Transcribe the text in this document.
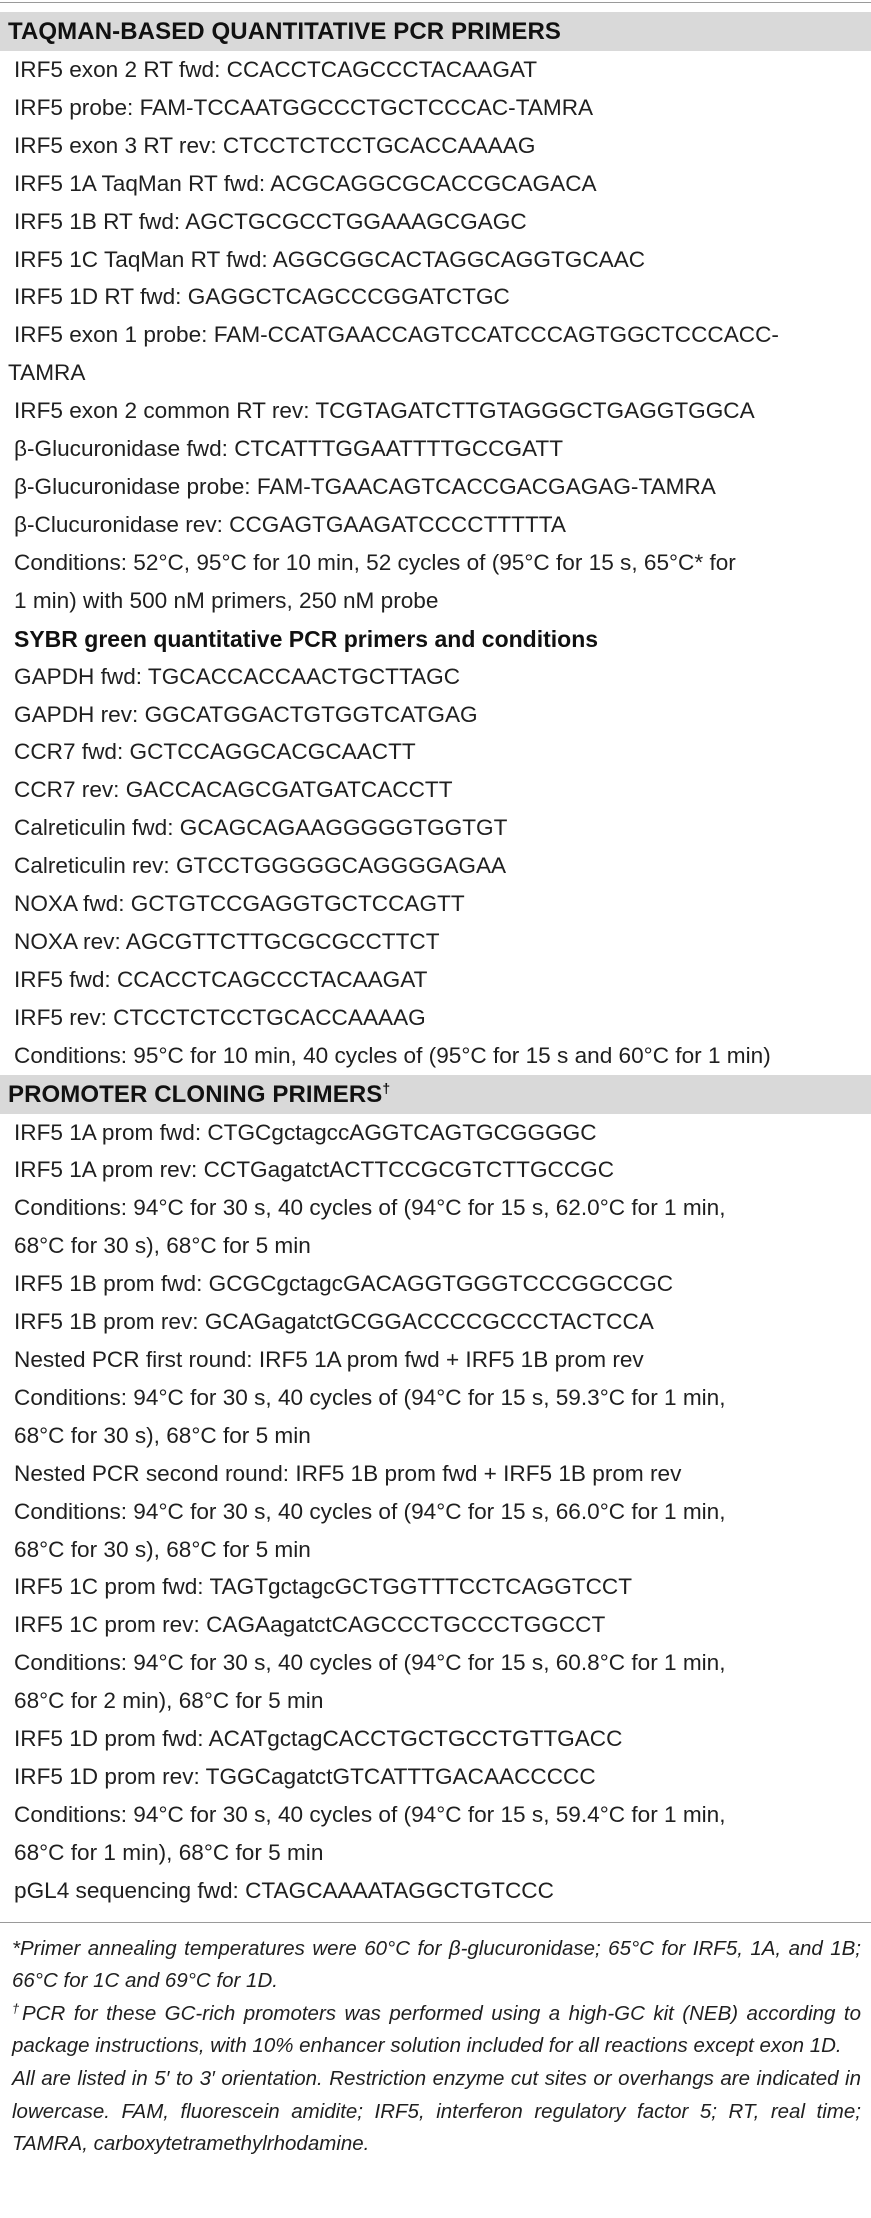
TAQMAN-BASED QUANTITATIVE PCR PRIMERS
IRF5 exon 2 RT fwd: CCACCTCAGCCCTACAAGAT
IRF5 probe: FAM-TCCAATGGCCCTGCTCCCAC-TAMRA
IRF5 exon 3 RT rev: CTCCTCTCCTGCACCAAAAG
IRF5 1A TaqMan RT fwd: ACGCAGGCGCACCGCAGACA
IRF5 1B RT fwd: AGCTGCGCCTGGAAAGCGAGC
IRF5 1C TaqMan RT fwd: AGGCGGCACTAGGCAGGTGCAAC
IRF5 1D RT fwd: GAGGCTCAGCCCGGATCTGC
IRF5 exon 1 probe: FAM-CCATGAACCAGTCCATCCCAGTGGCTCCCACC-
TAMRA
IRF5 exon 2 common RT rev: TCGTAGATCTTGTAGGGCTGAGGTGGCA
β-Glucuronidase fwd: CTCATTTGGAATTTTGCCGATT
β-Glucuronidase probe: FAM-TGAACAGTCACCGACGAGAG-TAMRA
β-Clucuronidase rev: CCGAGTGAAGATCCCCTTTTTA
Conditions: 52°C, 95°C for 10 min, 52 cycles of (95°C for 15 s, 65°C* for
1 min) with 500 nM primers, 250 nM probe
SYBR green quantitative PCR primers and conditions
GAPDH fwd: TGCACCACCAACTGCTTAGC
GAPDH rev: GGCATGGACTGTGGTCATGAG
CCR7 fwd: GCTCCAGGCACGCAACTT
CCR7 rev: GACCACAGCGATGATCACCTT
Calreticulin fwd: GCAGCAGAAGGGGGTGGTGT
Calreticulin rev: GTCCTGGGGGCAGGGGAGAA
NOXA fwd: GCTGTCCGAGGTGCTCCAGTT
NOXA rev: AGCGTTCTTGCGCGCCTTCT
IRF5 fwd: CCACCTCAGCCCTACAAGAT
IRF5 rev: CTCCTCTCCTGCACCAAAAG
Conditions: 95°C for 10 min, 40 cycles of (95°C for 15 s and 60°C for 1 min)
PROMOTER CLONING PRIMERS†
IRF5 1A prom fwd: CTGCgctagccAGGTCAGTGCGGGGC
IRF5 1A prom rev: CCTGagatctACTTCCGCGTCTTGCCGC
Conditions: 94°C for 30 s, 40 cycles of (94°C for 15 s, 62.0°C for 1 min,
68°C for 30 s), 68°C for 5 min
IRF5 1B prom fwd: GCGCgctagcGACAGGTGGGTCCCGGCCGC
IRF5 1B prom rev: GCAGagatctGCGGACCCCGCCCTACTCCA
Nested PCR first round: IRF5 1A prom fwd + IRF5 1B prom rev
Conditions: 94°C for 30 s, 40 cycles of (94°C for 15 s, 59.3°C for 1 min,
68°C for 30 s), 68°C for 5 min
Nested PCR second round: IRF5 1B prom fwd + IRF5 1B prom rev
Conditions: 94°C for 30 s, 40 cycles of (94°C for 15 s, 66.0°C for 1 min,
68°C for 30 s), 68°C for 5 min
IRF5 1C prom fwd: TAGTgctagcGCTGGTTTCCTCAGGTCCT
IRF5 1C prom rev: CAGAagatctCAGCCCTGCCCTGGCCT
Conditions: 94°C for 30 s, 40 cycles of (94°C for 15 s, 60.8°C for 1 min,
68°C for 2 min), 68°C for 5 min
IRF5 1D prom fwd: ACATgctagCACCTGCTGCCTGTTGACC
IRF5 1D prom rev: TGGCagatctGTCATTTGACAACCCCC
Conditions: 94°C for 30 s, 40 cycles of (94°C for 15 s, 59.4°C for 1 min,
68°C for 1 min), 68°C for 5 min
pGL4 sequencing fwd: CTAGCAAAATAGGCTGTCCC

*Primer annealing temperatures were 60°C for β-glucuronidase; 65°C for IRF5, 1A, and 1B; 66°C for 1C and 69°C for 1D.

†PCR for these GC-rich promoters was performed using a high-GC kit (NEB) according to package instructions, with 10% enhancer solution included for all reactions except exon 1D.

All are listed in 5′ to 3′ orientation. Restriction enzyme cut sites or overhangs are indicated in lowercase. FAM, fluorescein amidite; IRF5, interferon regulatory factor 5; RT, real time; TAMRA, carboxytetramethylrhodamine.
